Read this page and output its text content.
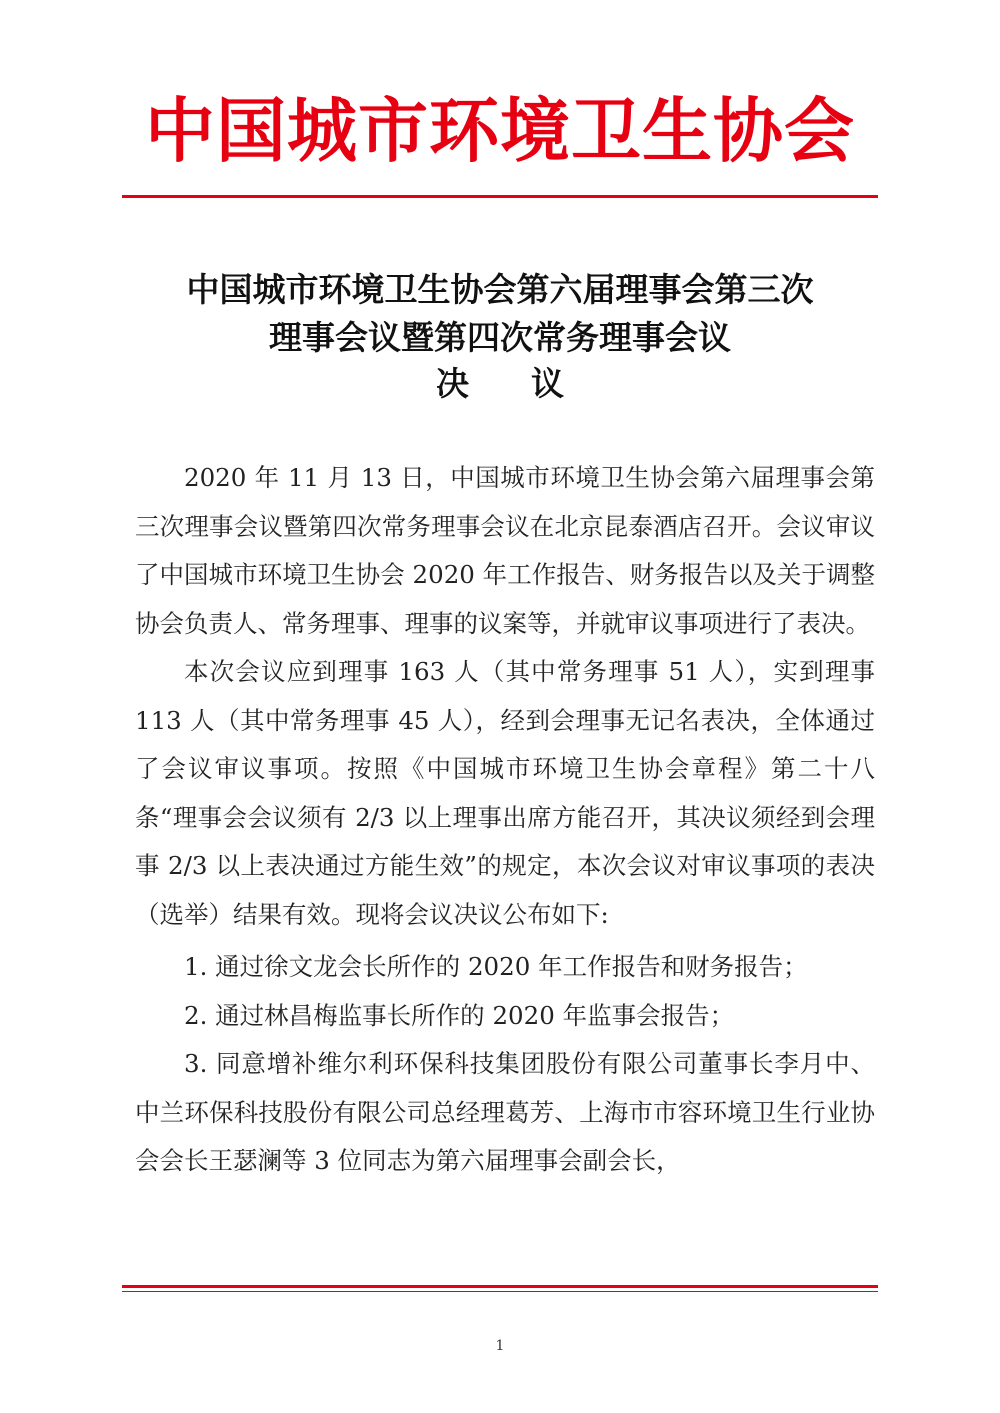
中国城市环境卫生协会
中国城市环境卫生协会第六届理事会第三次
理事会议暨第四次常务理事会议
决 议

2020 年 11 月 13 日，中国城市环境卫生协会第六届理事会第三次理事会议暨第四次常务理事会议在北京昆泰酒店召开。会议审议了中国城市环境卫生协会 2020 年工作报告、财务报告以及关于调整协会负责人、常务理事、理事的议案等，并就审议事项进行了表决。

本次会议应到理事 163 人（其中常务理事 51 人），实到理事 113 人（其中常务理事 45 人），经到会理事无记名表决，全体通过了会议审议事项。按照《中国城市环境卫生协会章程》第二十八条“理事会会议须有 2/3 以上理事出席方能召开，其决议须经到会理事 2/3 以上表决通过方能生效”的规定，本次会议对审议事项的表决（选举）结果有效。现将会议决议公布如下:

1. 通过徐文龙会长所作的 2020 年工作报告和财务报告；

2. 通过林昌梅监事长所作的 2020 年监事会报告；

3. 同意增补维尔利环保科技集团股份有限公司董事长李月中、中兰环保科技股份有限公司总经理葛芳、上海市市容环境卫生行业协会会长王瑟澜等 3 位同志为第六届理事会副会长，

1
